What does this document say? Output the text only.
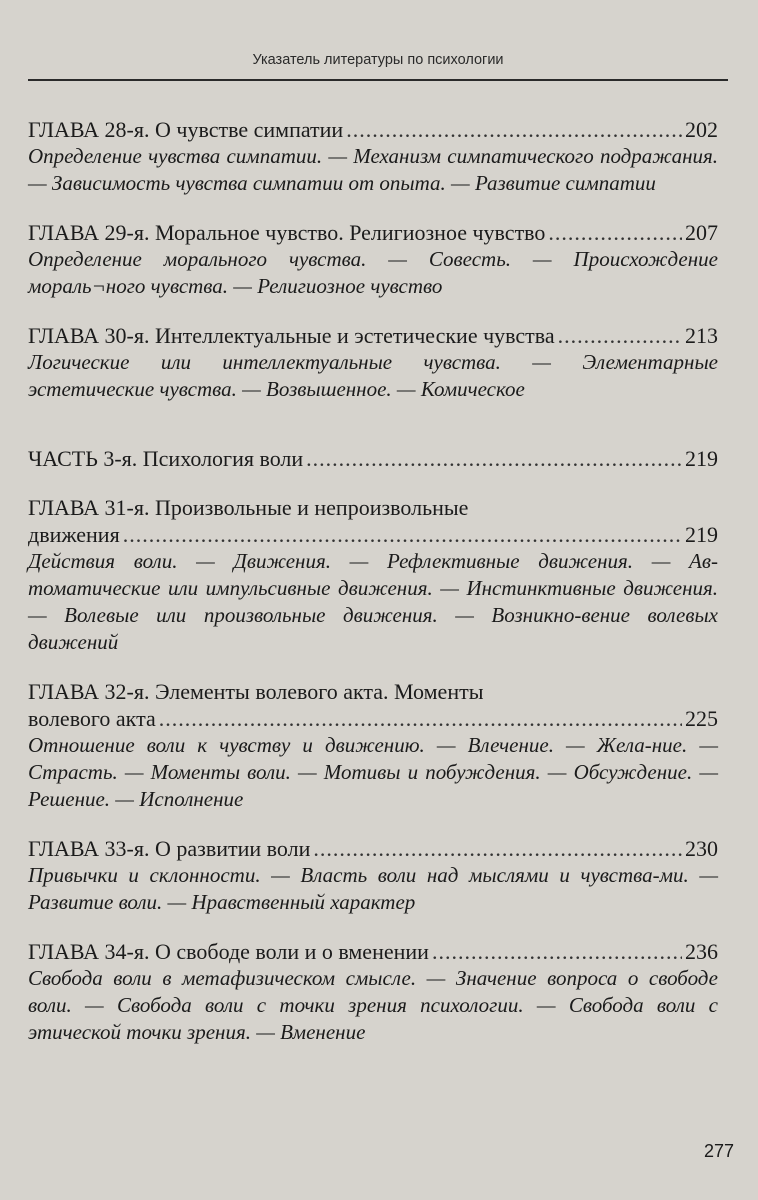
Указатель литературы по психологии
ГЛАВА 28-я. О чувстве симпатии .....	202
Определение чувства симпатии. — Механизм симпатического подражания. — Зависимость чувства симпатии от опыта. — Развитие симпатии
ГЛАВА 29-я. Моральное чувство. Религиозное чувство .....	207
Определение морального чувства. — Совесть. — Происхождение мораль¬ного чувства. — Религиозное чувство
ГЛАВА 30-я. Интеллектуальные и эстетические чувства .....	213
Логические или интеллектуальные чувства. — Элементарные эстетические чувства. — Возвышенное. — Комическое
ЧАСТЬ 3-я. Психология воли .....	219
ГЛАВА 31-я. Произвольные и непроизвольные
движения .....	219
Действия воли. — Движения. — Рефлективные движения. — Ав-томатические или импульсивные движения. — Инстинктивные движения. — Волевые или произвольные движения. — Возникно-вение волевых движений
ГЛАВА 32-я. Элементы волевого акта. Моменты
волевого акта .....	225
Отношение воли к чувству и движению. — Влечение. — Жела-ние. — Страсть. — Моменты воли. — Мотивы и побуждения. — Обсуждение. — Решение. — Исполнение
ГЛАВА 33-я. О развитии воли .....	230
Привычки и склонности. — Власть воли над мыслями и чувства-ми. — Развитие воли. — Нравственный характер
ГЛАВА 34-я. О свободе воли и о вменении .....	236
Свобода воли в метафизическом смысле. — Значение вопроса о свободе воли. — Свобода воли с точки зрения психологии. — Свобода воли с этической точки зрения. — Вменение
277
